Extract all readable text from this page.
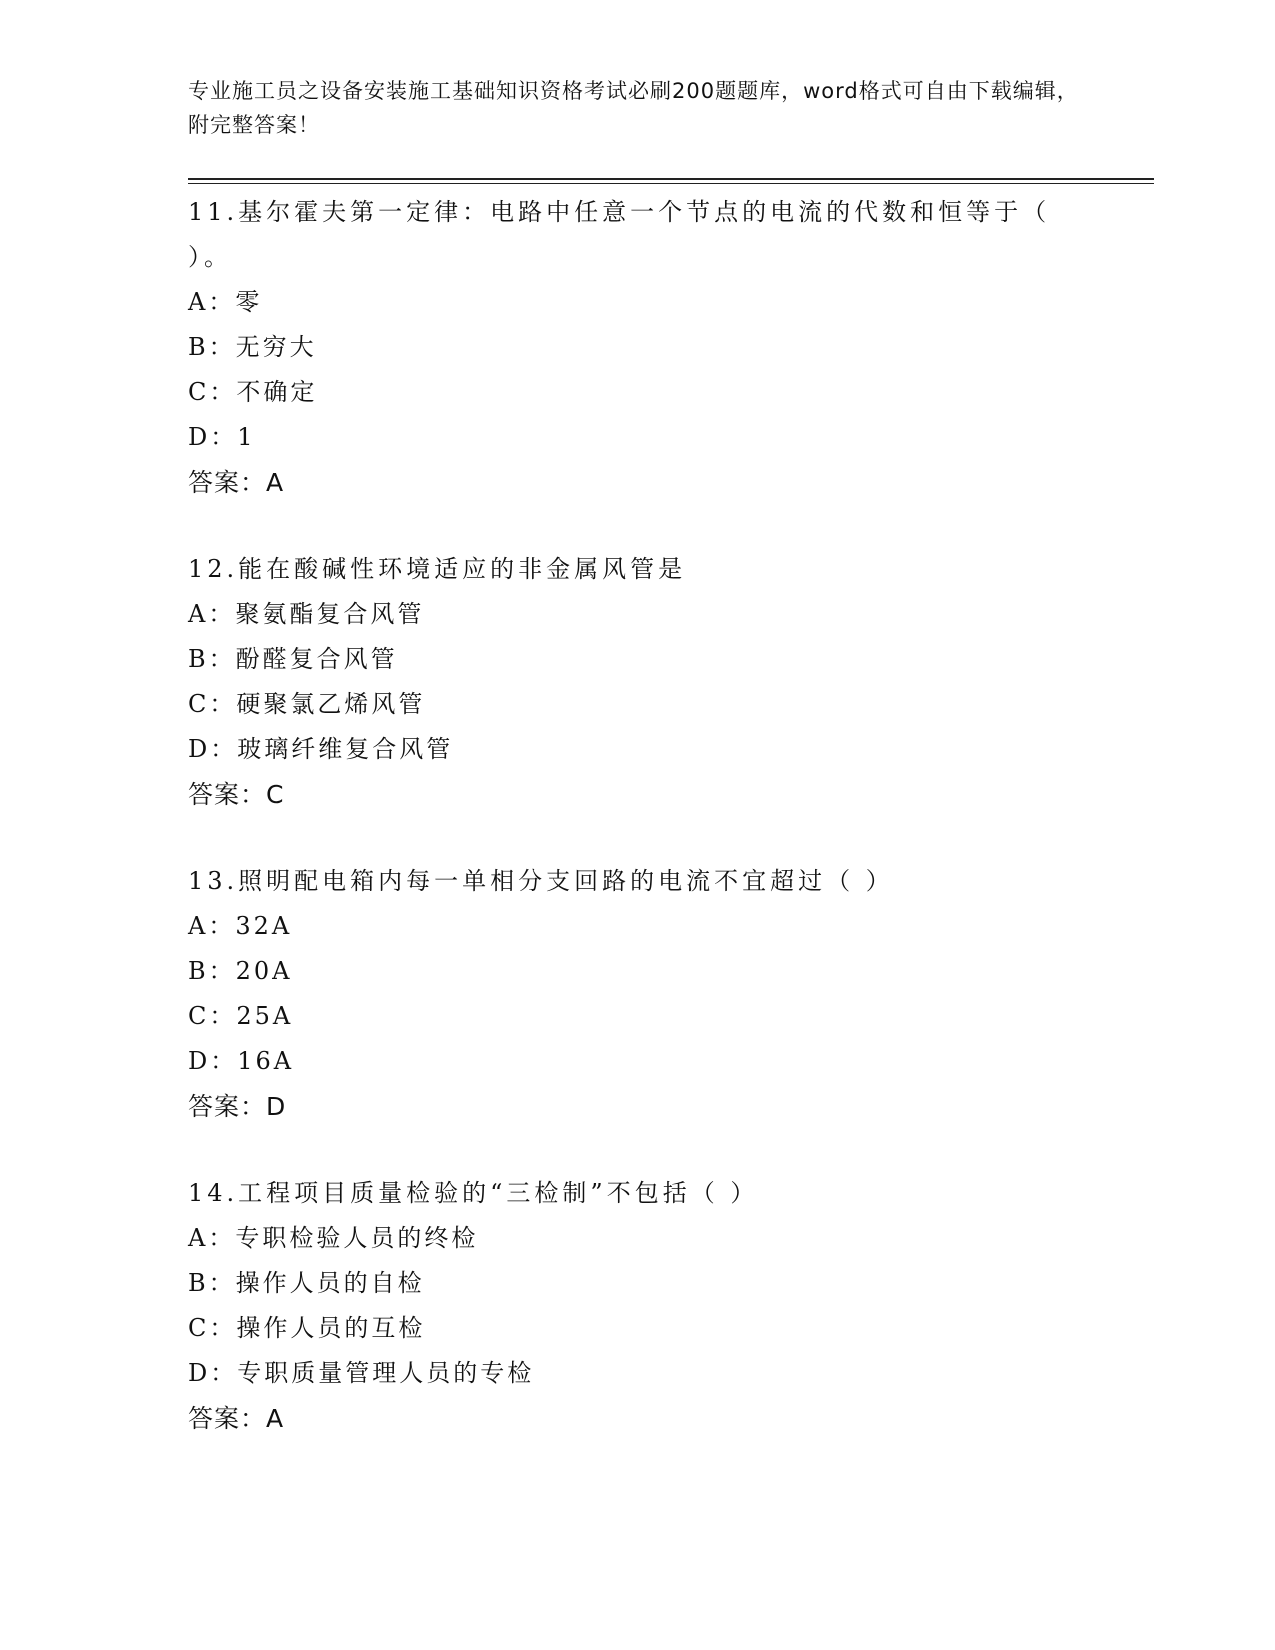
专业施工员之设备安装施工基础知识资格考试必刷200题题库，word格式可自由下载编辑，附完整答案！
11.基尔霍夫第一定律：电路中任意一个节点的电流的代数和恒等于（ ）。
A：零
B：无穷大
C：不确定
D：1
答案：A
12.能在酸碱性环境适应的非金属风管是
A：聚氨酯复合风管
B：酚醛复合风管
C：硬聚氯乙烯风管
D：玻璃纤维复合风管
答案：C
13.照明配电箱内每一单相分支回路的电流不宜超过（ ）
A：32A
B：20A
C：25A
D：16A
答案：D
14.工程项目质量检验的“三检制”不包括（ ）
A：专职检验人员的终检
B：操作人员的自检
C：操作人员的互检
D：专职质量管理人员的专检
答案：A
